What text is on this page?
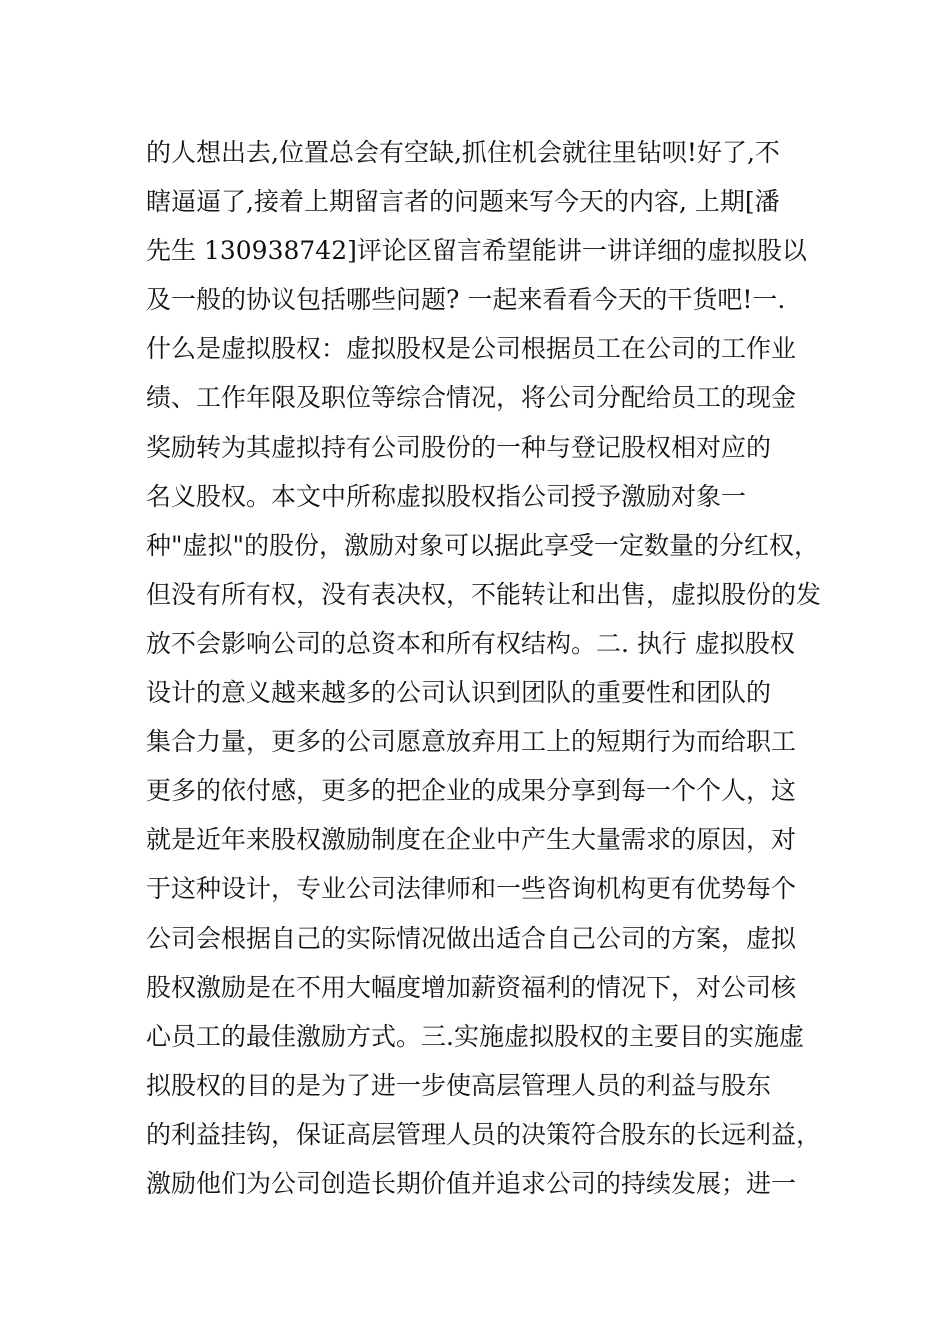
的人想出去,位置总会有空缺,抓住机会就往里钻呗!好了,不
瞎逼逼了,接着上期留言者的问题来写今天的内容, 上期[潘
先生 130938742]评论区留言希望能讲一讲详细的虚拟股以
及一般的协议包括哪些问题? 一起来看看今天的干货吧!一.
什么是虚拟股权：虚拟股权是公司根据员工在公司的工作业
绩、工作年限及职位等综合情况，将公司分配给员工的现金
奖励转为其虚拟持有公司股份的一种与登记股权相对应的
名义股权。本文中所称虚拟股权指公司授予激励对象一
种"虚拟"的股份，激励对象可以据此享受一定数量的分红权，
但没有所有权，没有表决权，不能转让和出售，虚拟股份的发
放不会影响公司的总资本和所有权结构。二. 执行 虚拟股权
设计的意义越来越多的公司认识到团队的重要性和团队的
集合力量，更多的公司愿意放弃用工上的短期行为而给职工
更多的依付感，更多的把企业的成果分享到每一个个人，这
就是近年来股权激励制度在企业中产生大量需求的原因，对
于这种设计，专业公司法律师和一些咨询机构更有优势每个
公司会根据自己的实际情况做出适合自己公司的方案，虚拟
股权激励是在不用大幅度增加薪资福利的情况下，对公司核
心员工的最佳激励方式。三.实施虚拟股权的主要目的实施虚
拟股权的目的是为了进一步使高层管理人员的利益与股东
的利益挂钩，保证高层管理人员的决策符合股东的长远利益，
激励他们为公司创造长期价值并追求公司的持续发展；进一
